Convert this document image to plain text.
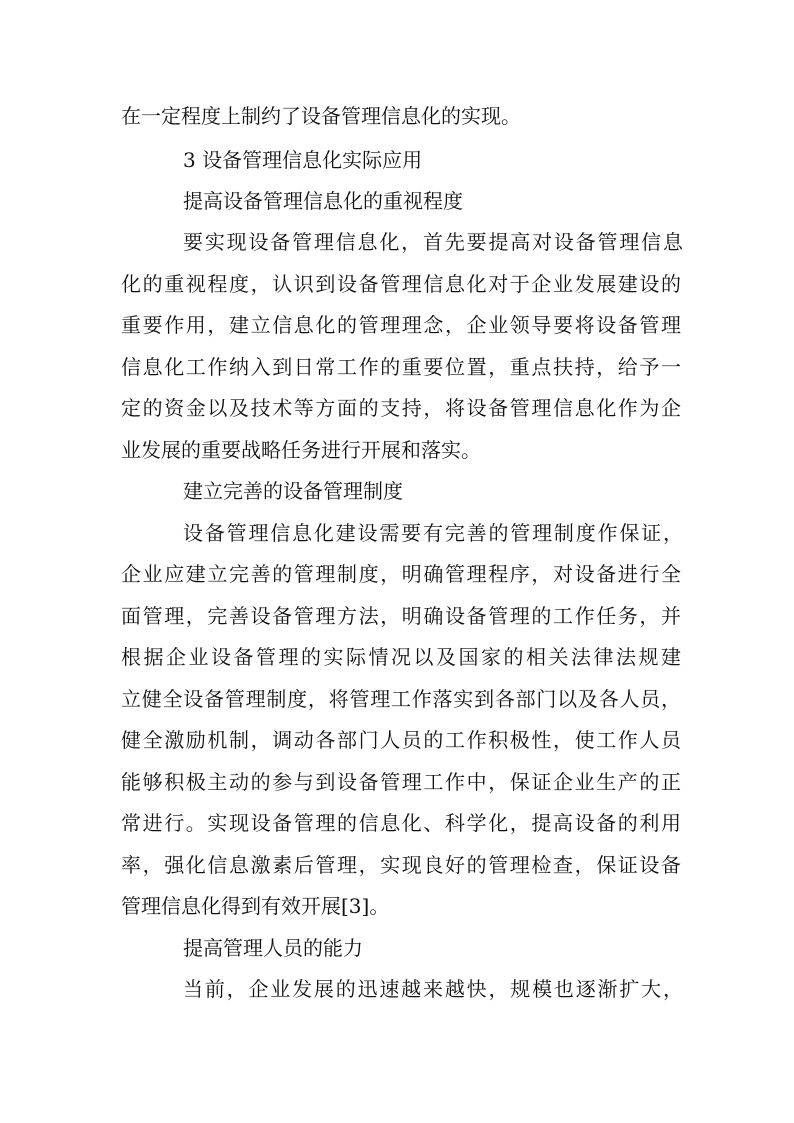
在一定程度上制约了设备管理信息化的实现。
3 设备管理信息化实际应用
提高设备管理信息化的重视程度
要实现设备管理信息化，首先要提高对设备管理信息
化的重视程度，认识到设备管理信息化对于企业发展建设的
重要作用，建立信息化的管理理念，企业领导要将设备管理
信息化工作纳入到日常工作的重要位置，重点扶持，给予一
定的资金以及技术等方面的支持，将设备管理信息化作为企
业发展的重要战略任务进行开展和落实。
建立完善的设备管理制度
设备管理信息化建设需要有完善的管理制度作保证，
企业应建立完善的管理制度，明确管理程序，对设备进行全
面管理，完善设备管理方法，明确设备管理的工作任务，并
根据企业设备管理的实际情况以及国家的相关法律法规建
立健全设备管理制度，将管理工作落实到各部门以及各人员，
健全激励机制，调动各部门人员的工作积极性，使工作人员
能够积极主动的参与到设备管理工作中，保证企业生产的正
常进行。实现设备管理的信息化、科学化，提高设备的利用
率，强化信息激素后管理，实现良好的管理检查，保证设备
管理信息化得到有效开展[3]。
提高管理人员的能力
当前，企业发展的迅速越来越快，规模也逐渐扩大，
